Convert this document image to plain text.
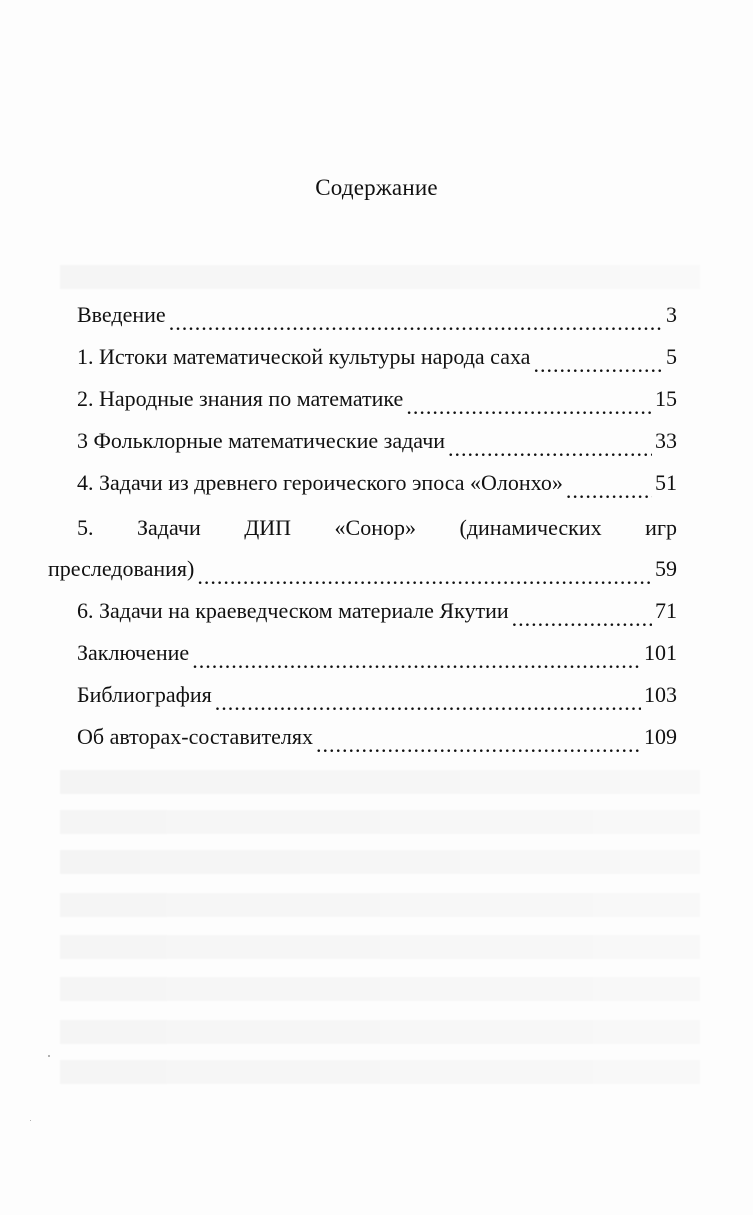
Содержание
Введение .....	3
1. Истоки математической культуры народа саха .....	5
2. Народные знания по математике .....	15
3 Фольклорные математические задачи .....	33
4. Задачи из древнего героического эпоса «Олонхо» .....	51
5. Задачи ДИП «Сонор» (динамических игр
преследования) .....	59
6. Задачи на краеведческом материале Якутии .....	71
Заключение .....	101
Библиография .....	103
Об авторах-составителях .....	109
